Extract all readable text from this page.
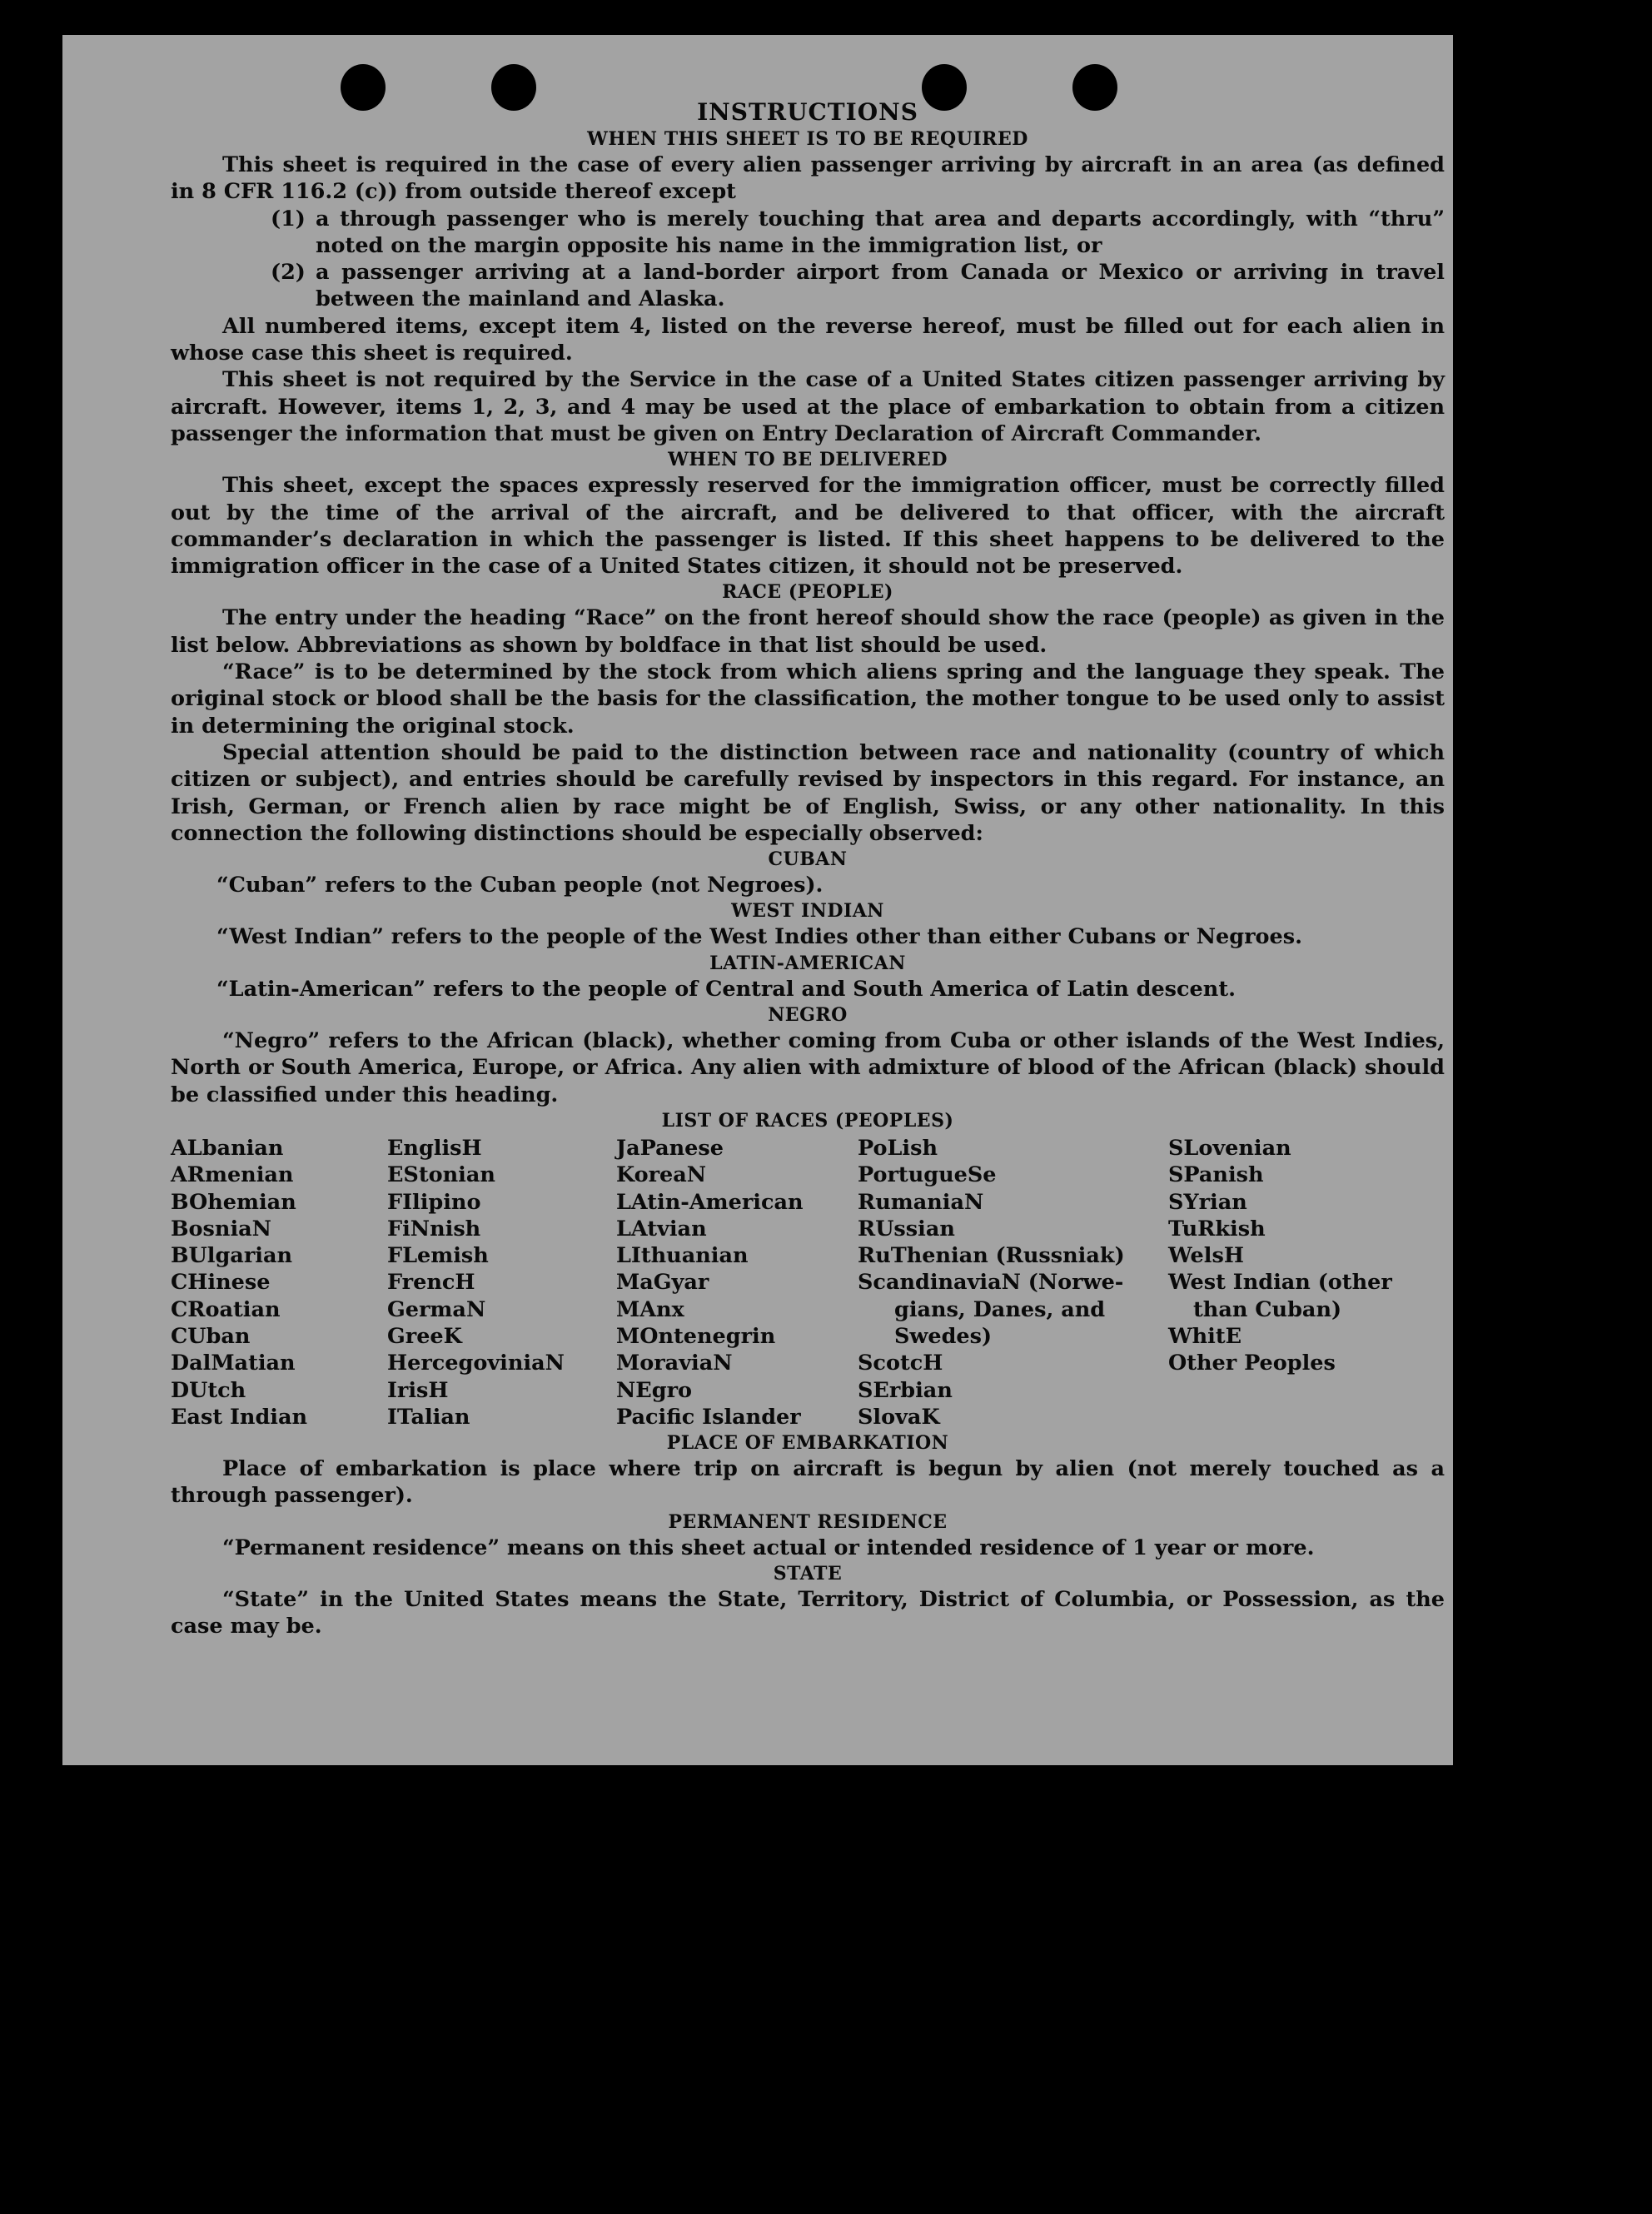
INSTRUCTIONS
WHEN THIS SHEET IS TO BE REQUIRED

This sheet is required in the case of every alien passenger arriving by aircraft in an area (as defined in 8 CFR 116.2 (c)) from outside thereof except

(1) a through passenger who is merely touching that area and departs accordingly, with “thru” noted on the margin opposite his name in the immigration list, or
(2) a passenger arriving at a land-border airport from Canada or Mexico or arriving in travel between the mainland and Alaska.

All numbered items, except item 4, listed on the reverse hereof, must be filled out for each alien in whose case this sheet is required.

This sheet is not required by the Service in the case of a United States citizen passenger arriving by aircraft. However, items 1, 2, 3, and 4 may be used at the place of embarkation to obtain from a citizen passenger the information that must be given on Entry Declaration of Aircraft Commander.

WHEN TO BE DELIVERED

This sheet, except the spaces expressly reserved for the immigration officer, must be correctly filled out by the time of the arrival of the aircraft, and be delivered to that officer, with the aircraft commander’s declaration in which the passenger is listed. If this sheet happens to be delivered to the immigration officer in the case of a United States citizen, it should not be preserved.

RACE (PEOPLE)

The entry under the heading “Race” on the front hereof should show the race (people) as given in the list below. Abbreviations as shown by boldface in that list should be used.

“Race” is to be determined by the stock from which aliens spring and the language they speak. The original stock or blood shall be the basis for the classification, the mother tongue to be used only to assist in determining the original stock.

Special attention should be paid to the distinction between race and nationality (country of which citizen or subject), and entries should be carefully revised by inspectors in this regard. For instance, an Irish, German, or French alien by race might be of English, Swiss, or any other nationality. In this connection the following distinctions should be especially observed:

CUBAN

“Cuban” refers to the Cuban people (not Negroes).

WEST INDIAN

“West Indian” refers to the people of the West Indies other than either Cubans or Negroes.

LATIN-AMERICAN

“Latin-American” refers to the people of Central and South America of Latin descent.

NEGRO

“Negro” refers to the African (black), whether coming from Cuba or other islands of the West Indies, North or South America, Europe, or Africa. Any alien with admixture of blood of the African (black) should be classified under this heading.

LIST OF RACES (PEOPLES)
ALbanian
ARmenian
BOhemian
BosniaN
BUlgarian
CHinese
CRoatian
CUban
DalMatian
DUtch
East Indian
EnglisH
EStonian
FIlipino
FiNnish
FLemish
FrencH
GermaN
GreeK
HercegoviniaN
IrisH
ITalian
JaPanese
KoreaN
LAtin-American
LAtvian
LIthuanian
MaGyar
MAnx
MOntenegrin
MoraviaN
NEgro
Pacific Islander
PoLish
PortugueSe
RumaniaN
RUssian
RuThenian (Russniak)
ScandinaviaN (Norwe-
gians, Danes, and
Swedes)
ScotcH
SErbian
SlovaK
SLovenian
SPanish
SYrian
TuRkish
WelsH
West Indian (other
than Cuban)
WhitE
Other Peoples
PLACE OF EMBARKATION

Place of embarkation is place where trip on aircraft is begun by alien (not merely touched as a through passenger).

PERMANENT RESIDENCE

“Permanent residence” means on this sheet actual or intended residence of 1 year or more.

STATE

“State” in the United States means the State, Territory, District of Columbia, or Possession, as the case may be.
